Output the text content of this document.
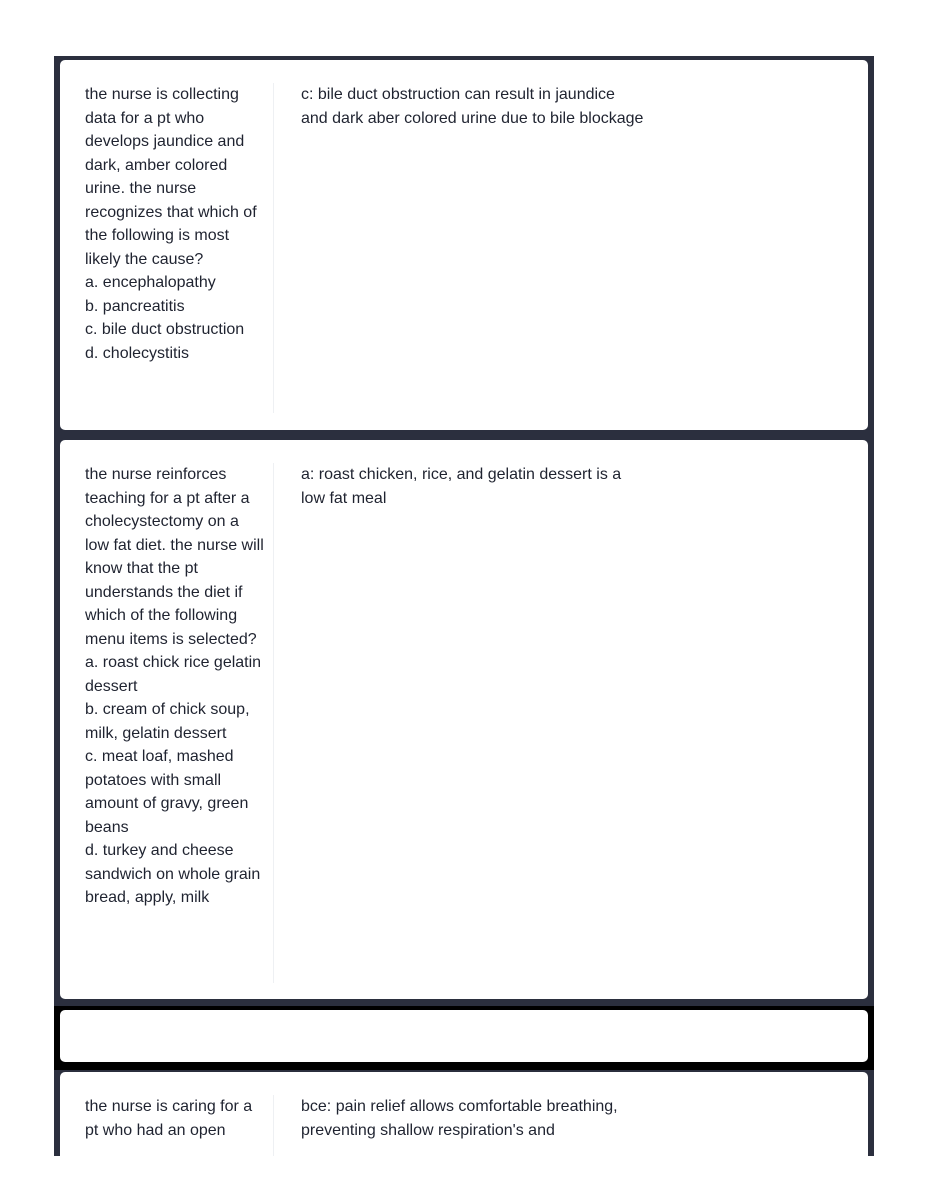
the nurse is collecting data for a pt who develops jaundice and dark, amber colored urine. the nurse recognizes that which of the following is most likely the cause?
a. encephalopathy
b. pancreatitis
c. bile duct obstruction
d. cholecystitis
c: bile duct obstruction can result in jaundice and dark aber colored urine due to bile blockage
the nurse reinforces teaching for a pt after a cholecystectomy on a low fat diet. the nurse will know that the pt understands the diet if which of the following menu items is selected?
a. roast chick rice gelatin dessert
b. cream of chick soup, milk, gelatin dessert
c. meat loaf, mashed potatoes with small amount of gravy, green beans
d. turkey and cheese sandwich on whole grain bread, apply, milk
a: roast chicken, rice, and gelatin dessert is a low fat meal
the nurse is caring for a pt who had an open
bce: pain relief allows comfortable breathing, preventing shallow respiration's and
